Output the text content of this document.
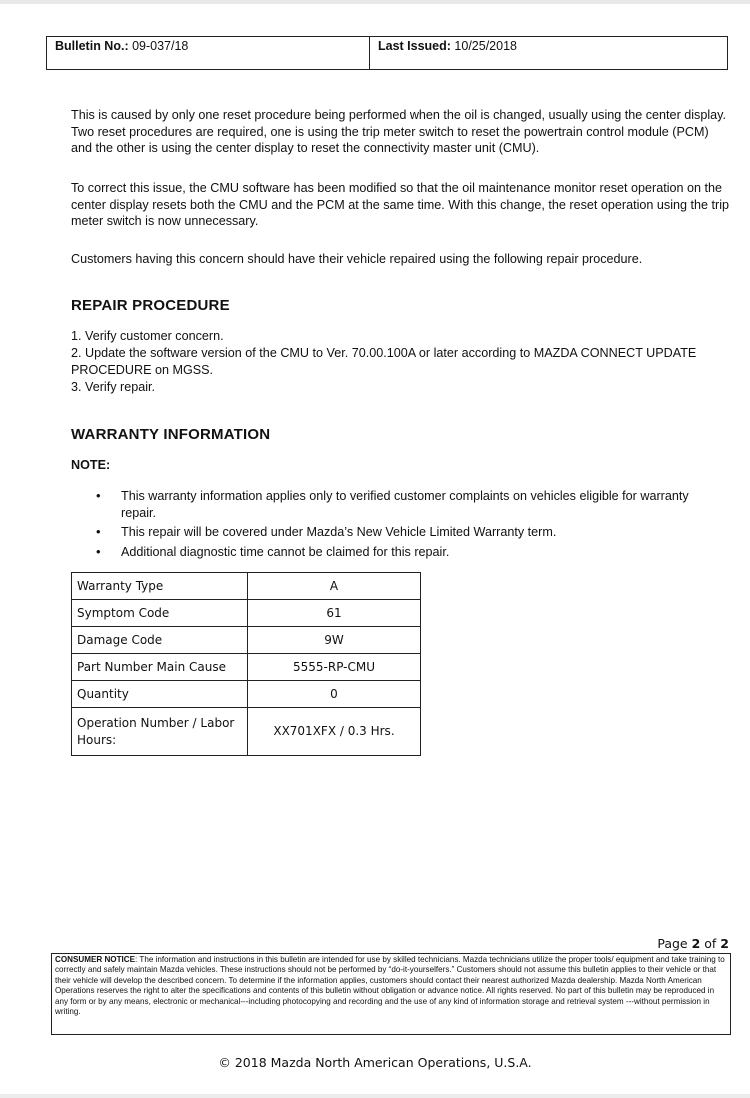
Bulletin No.: 09-037/18	Last Issued: 10/25/2018

This is caused by only one reset procedure being performed when the oil is changed, usually using the center display. Two reset procedures are required, one is using the trip meter switch to reset the powertrain control module (PCM) and the other is using the center display to reset the connectivity master unit (CMU).

To correct this issue, the CMU software has been modified so that the oil maintenance monitor reset operation on the center display resets both the CMU and the PCM at the same time. With this change, the reset operation using the trip meter switch is now unnecessary.

Customers having this concern should have their vehicle repaired using the following repair procedure.

REPAIR PROCEDURE
1. Verify customer concern.
2. Update the software version of the CMU to Ver. 70.00.100A or later according to MAZDA CONNECT UPDATE PROCEDURE on MGSS.
3. Verify repair.
WARRANTY INFORMATION

NOTE:

• This warranty information applies only to verified customer complaints on vehicles eligible for warranty repair.
• This repair will be covered under Mazda’s New Vehicle Limited Warranty term.
• Additional diagnostic time cannot be claimed for this repair.
Warranty Type	A
Symptom Code	61
Damage Code	9W
Part Number Main Cause	5555-RP-CMU
Quantity	0
Operation Number / Labor Hours:	XX701XFX / 0.3 Hrs.
Page 2 of 2
CONSUMER NOTICE: The information and instructions in this bulletin are intended for use by skilled technicians. Mazda technicians utilize the proper tools/ equipment and take training to correctly and safely maintain Mazda vehicles. These instructions should not be performed by “do-it-yourselfers.” Customers should not assume this bulletin applies to their vehicle or that their vehicle will develop the described concern. To determine if the information applies, customers should contact their nearest authorized Mazda dealership. Mazda North American Operations reserves the right to alter the specifications and contents of this bulletin without obligation or advance notice. All rights reserved. No part of this bulletin may be reproduced in any form or by any means, electronic or mechanical---including photocopying and recording and the use of any kind of information storage and retrieval system ---without permission in writing.
© 2018 Mazda North American Operations, U.S.A.
